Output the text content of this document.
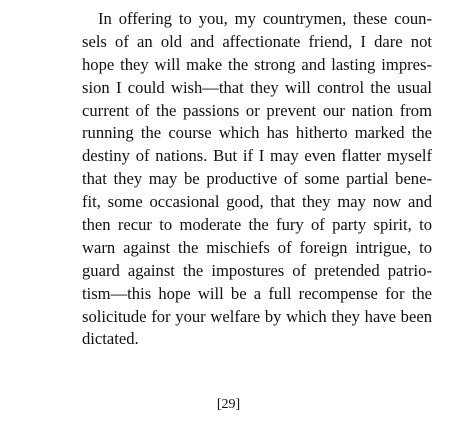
In offering to you, my countrymen, these coun-
sels of an old and affectionate friend, I dare not
hope they will make the strong and lasting impres-
sion I could wish—that they will control the usual
current of the passions or prevent our nation from
running the course which has hitherto marked the
destiny of nations. But if I may even flatter myself
that they may be productive of some partial bene-
fit, some occasional good, that they may now and
then recur to moderate the fury of party spirit, to
warn against the mischiefs of foreign intrigue, to
guard against the impostures of pretended patrio-
tism—this hope will be a full recompense for the
solicitude for your welfare by which they have been
dictated.
[29]
